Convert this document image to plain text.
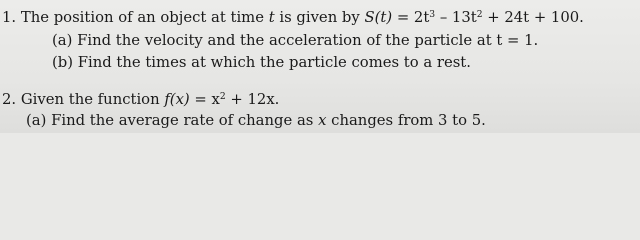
1. The position of an object at time t is given by $S(t) = 2t^3 - 13t^2 + 24t + 100$.
(a) Find the velocity and the acceleration of the particle at t = 1.
(b) Find the times at which the particle comes to a rest.
2. Given the function $f(x) = x^2 + 12x$.
(a) Find the average rate of change as x changes from 3 to 5.
